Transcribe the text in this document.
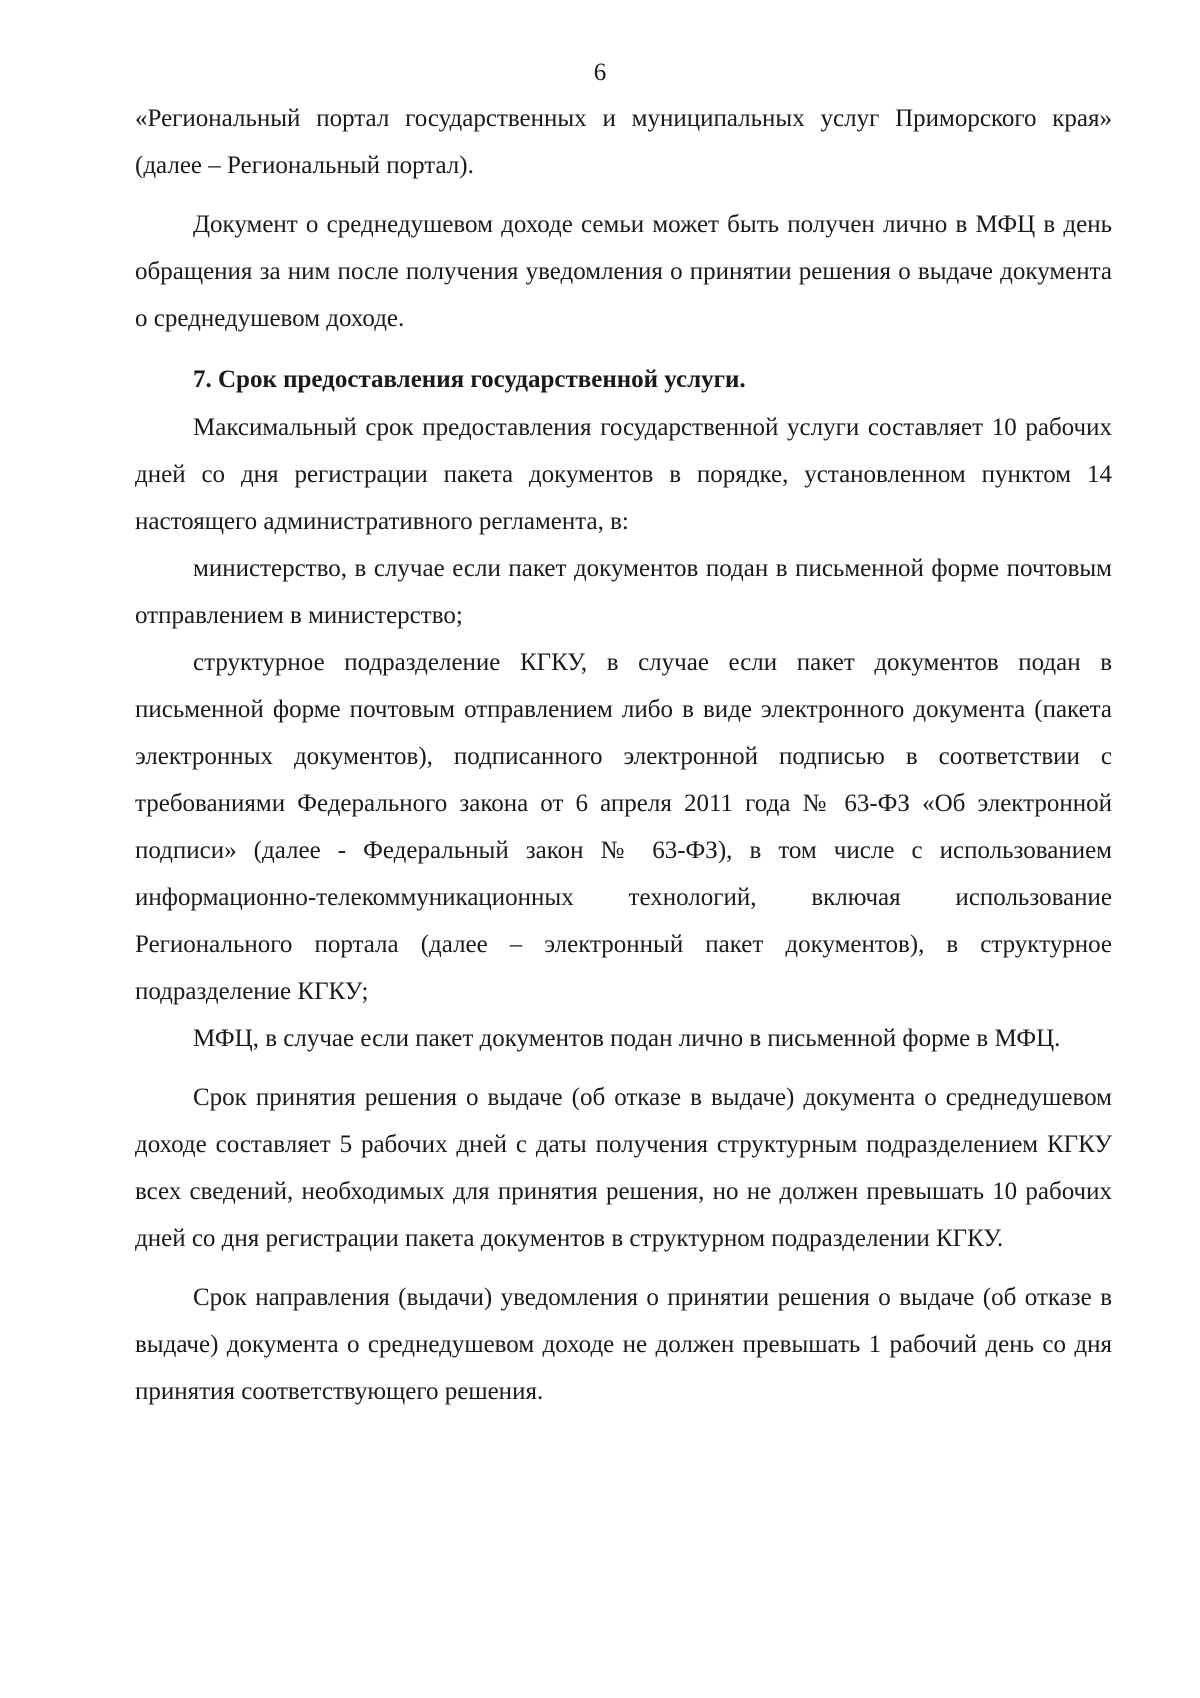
6

«Региональный портал государственных и муниципальных услуг Приморского края» (далее – Региональный портал).

Документ о среднедушевом доходе семьи может быть получен лично в МФЦ в день обращения за ним после получения уведомления о принятии решения о выдаче документа о среднедушевом доходе.

7. Срок предоставления государственной услуги.

Максимальный срок предоставления государственной услуги составляет 10 рабочих дней со дня регистрации пакета документов в порядке, установленном пунктом 14 настоящего административного регламента, в:

министерство, в случае если пакет документов подан в письменной форме почтовым отправлением в министерство;

структурное подразделение КГКУ, в случае если пакет документов подан в письменной форме почтовым отправлением либо в виде электронного документа (пакета электронных документов), подписанного электронной подписью в соответствии с требованиями Федерального закона от 6 апреля 2011 года № 63-ФЗ «Об электронной подписи» (далее - Федеральный закон № 63-ФЗ), в том числе с использованием информационно-телекоммуникационных технологий, включая использование Регионального портала (далее – электронный пакет документов), в структурное подразделение КГКУ;

МФЦ, в случае если пакет документов подан лично в письменной форме в МФЦ.

Срок принятия решения о выдаче (об отказе в выдаче) документа о среднедушевом доходе составляет 5 рабочих дней с даты получения структурным подразделением КГКУ всех сведений, необходимых для принятия решения, но не должен превышать 10 рабочих дней со дня регистрации пакета документов в структурном подразделении КГКУ.

Срок направления (выдачи) уведомления о принятии решения о выдаче (об отказе в выдаче) документа о среднедушевом доходе не должен превышать 1 рабочий день со дня принятия соответствующего решения.
